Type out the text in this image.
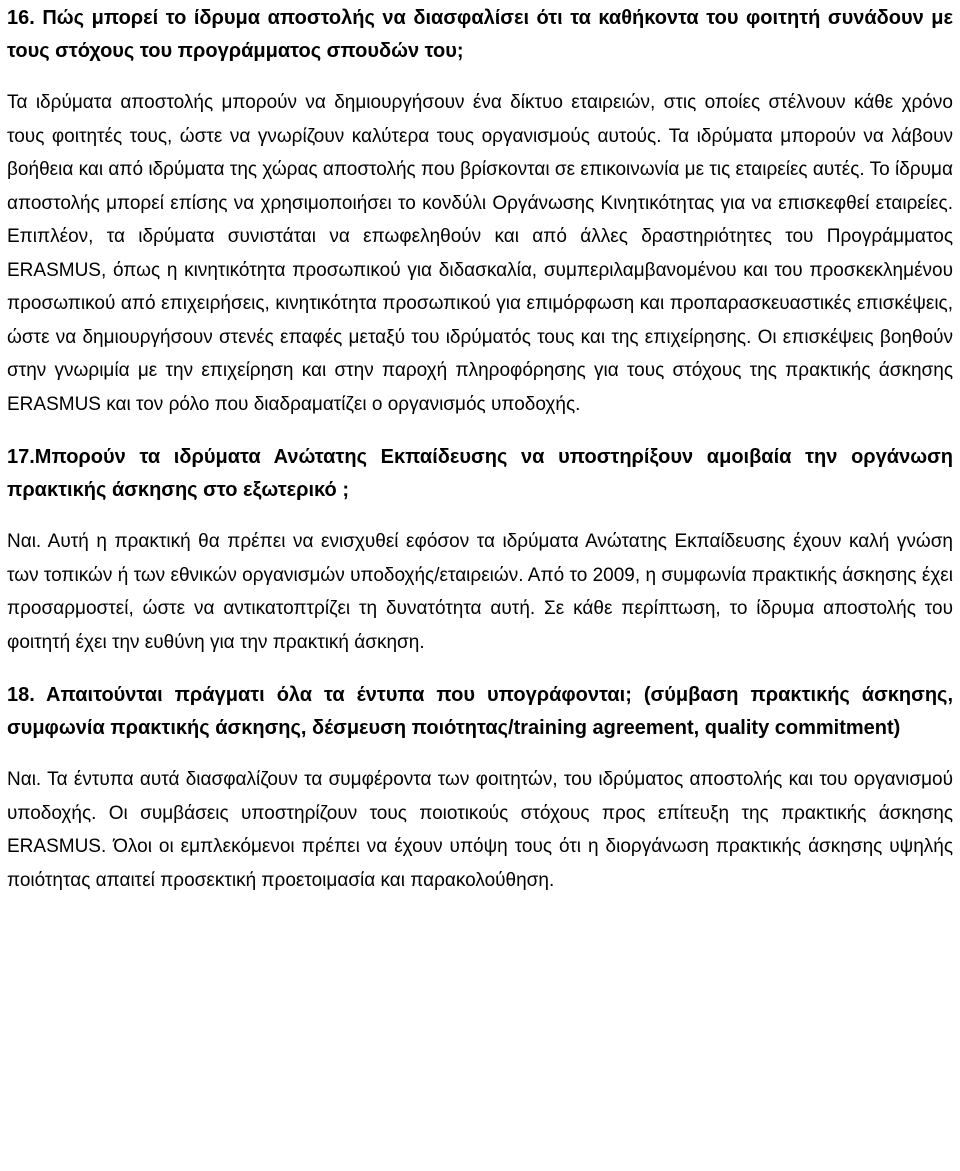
16. Πώς μπορεί το ίδρυμα αποστολής να διασφαλίσει ότι τα καθήκοντα του φοιτητή συνάδουν με τους στόχους του προγράμματος σπουδών του;

Τα ιδρύματα αποστολής μπορούν να δημιουργήσουν ένα δίκτυο εταιρειών, στις οποίες στέλνουν κάθε χρόνο τους φοιτητές τους, ώστε να γνωρίζουν καλύτερα τους οργανισμούς αυτούς. Τα ιδρύματα μπορούν να λάβουν βοήθεια και από ιδρύματα της χώρας αποστολής που βρίσκονται σε επικοινωνία με τις εταιρείες αυτές. Το ίδρυμα αποστολής μπορεί επίσης να χρησιμοποιήσει το κονδύλι Οργάνωσης Κινητικότητας για να επισκεφθεί εταιρείες. Επιπλέον, τα ιδρύματα συνιστάται να επωφεληθούν και από άλλες δραστηριότητες του Προγράμματος ERASMUS, όπως η κινητικότητα προσωπικού για διδασκαλία, συμπεριλαμβανομένου και του προσκεκλημένου προσωπικού από επιχειρήσεις, κινητικότητα προσωπικού για επιμόρφωση και προπαρασκευαστικές επισκέψεις, ώστε να δημιουργήσουν στενές επαφές μεταξύ του ιδρύματός τους και της επιχείρησης. Οι επισκέψεις βοηθούν στην γνωριμία με την επιχείρηση και στην παροχή πληροφόρησης για τους στόχους της πρακτικής άσκησης ERASMUS και τον ρόλο που διαδραματίζει ο οργανισμός υποδοχής.

17.Μπορούν τα ιδρύματα Ανώτατης Εκπαίδευσης να υποστηρίξουν αμοιβαία την οργάνωση πρακτικής άσκησης στο εξωτερικό ;

Ναι. Αυτή η πρακτική θα πρέπει να ενισχυθεί εφόσον τα ιδρύματα Ανώτατης Εκπαίδευσης έχουν καλή γνώση των τοπικών ή των εθνικών οργανισμών υποδοχής/εταιρειών. Από το 2009, η συμφωνία πρακτικής άσκησης έχει προσαρμοστεί, ώστε να αντικατοπτρίζει τη δυνατότητα αυτή. Σε κάθε περίπτωση, το ίδρυμα αποστολής του φοιτητή έχει την ευθύνη για την πρακτική άσκηση.

18. Απαιτούνται πράγματι όλα τα έντυπα που υπογράφονται; (σύμβαση πρακτικής άσκησης, συμφωνία πρακτικής άσκησης, δέσμευση ποιότητας/training agreement, quality commitment)

Ναι. Τα έντυπα αυτά διασφαλίζουν τα συμφέροντα των φοιτητών, του ιδρύματος αποστολής και του οργανισμού υποδοχής. Οι συμβάσεις υποστηρίζουν τους ποιοτικούς στόχους προς επίτευξη της πρακτικής άσκησης ERASMUS. Όλοι οι εμπλεκόμενοι πρέπει να έχουν υπόψη τους ότι η διοργάνωση πρακτικής άσκησης υψηλής ποιότητας απαιτεί προσεκτική προετοιμασία και παρακολούθηση.
